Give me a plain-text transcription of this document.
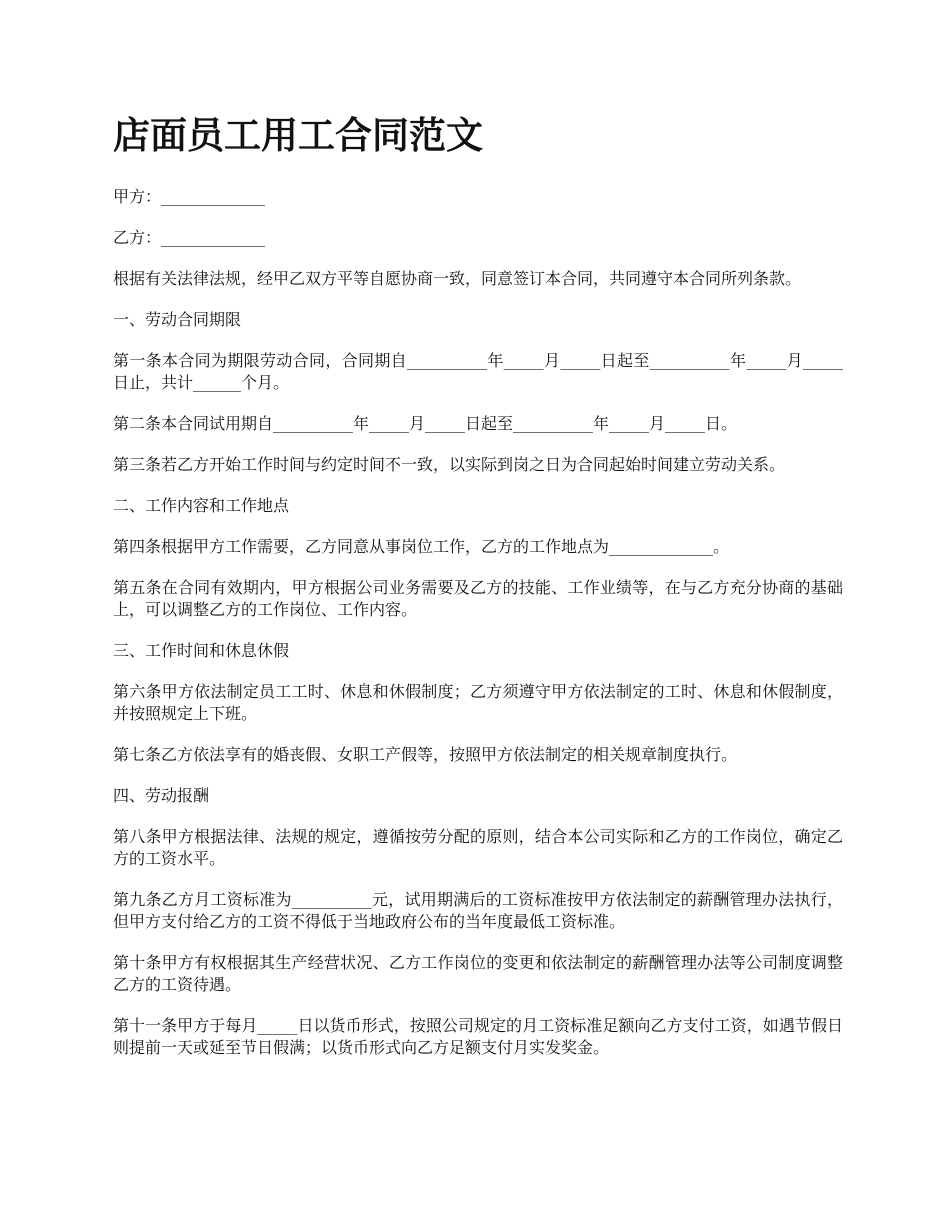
店面员工用工合同范文

甲方：_____________

乙方：_____________

根据有关法律法规，经甲乙双方平等自愿协商一致，同意签订本合同，共同遵守本合同所列条款。

一、劳动合同期限

第一条本合同为期限劳动合同，合同期自__________年_____月_____日起至__________年_____月_____日止，共计______个月。

第二条本合同试用期自__________年_____月_____日起至__________年_____月_____日。

第三条若乙方开始工作时间与约定时间不一致，以实际到岗之日为合同起始时间建立劳动关系。

二、工作内容和工作地点

第四条根据甲方工作需要，乙方同意从事岗位工作，乙方的工作地点为_____________。

第五条在合同有效期内，甲方根据公司业务需要及乙方的技能、工作业绩等，在与乙方充分协商的基础上，可以调整乙方的工作岗位、工作内容。

三、工作时间和休息休假

第六条甲方依法制定员工工时、休息和休假制度；乙方须遵守甲方依法制定的工时、休息和休假制度，并按照规定上下班。

第七条乙方依法享有的婚丧假、女职工产假等，按照甲方依法制定的相关规章制度执行。

四、劳动报酬

第八条甲方根据法律、法规的规定，遵循按劳分配的原则，结合本公司实际和乙方的工作岗位，确定乙方的工资水平。

第九条乙方月工资标准为__________元，试用期满后的工资标准按甲方依法制定的薪酬管理办法执行，但甲方支付给乙方的工资不得低于当地政府公布的当年度最低工资标准。

第十条甲方有权根据其生产经营状况、乙方工作岗位的变更和依法制定的薪酬管理办法等公司制度调整乙方的工资待遇。

第十一条甲方于每月_____日以货币形式，按照公司规定的月工资标准足额向乙方支付工资，如遇节假日则提前一天或延至节日假满；以货币形式向乙方足额支付月实发奖金。
